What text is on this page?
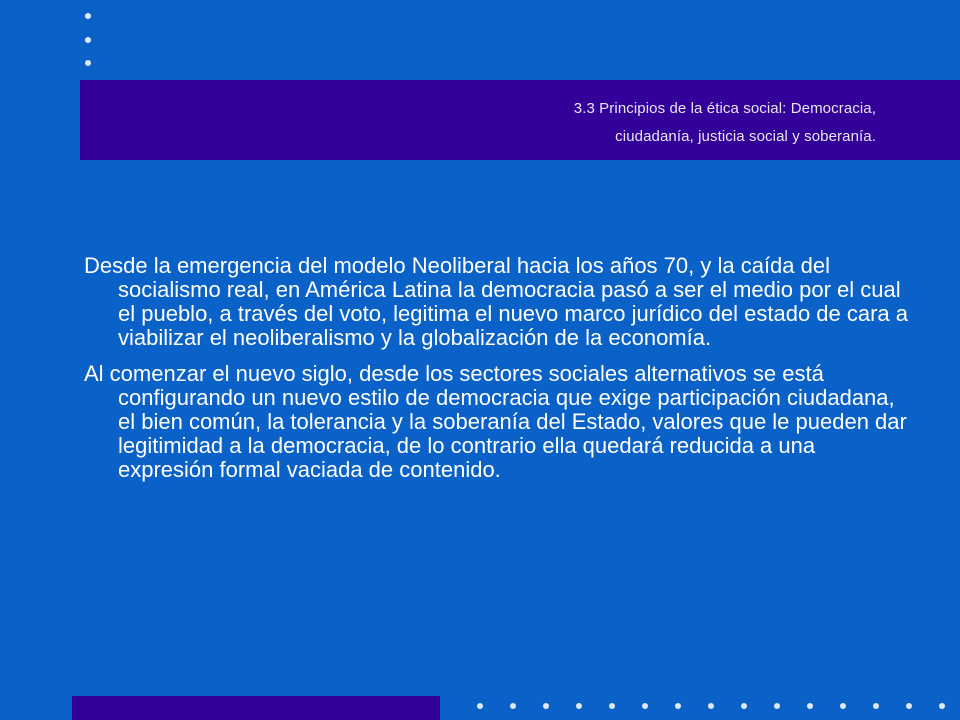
3.3 Principios de la ética social: Democracia,
ciudadanía, justicia social y soberanía.

Desde la emergencia del modelo Neoliberal hacia los años 70, y la caída del socialismo real, en América Latina la democracia pasó a ser el medio por el cual el pueblo, a través del voto, legitima el nuevo marco jurídico del estado de cara a viabilizar el neoliberalismo y la globalización de la economía.

Al comenzar el nuevo siglo, desde los sectores sociales alternativos se está configurando un nuevo estilo de democracia que exige participación ciudadana, el bien común, la tolerancia y la soberanía del Estado, valores que le pueden dar legitimidad a la democracia, de lo contrario ella quedará reducida a una expresión formal vaciada de contenido.
